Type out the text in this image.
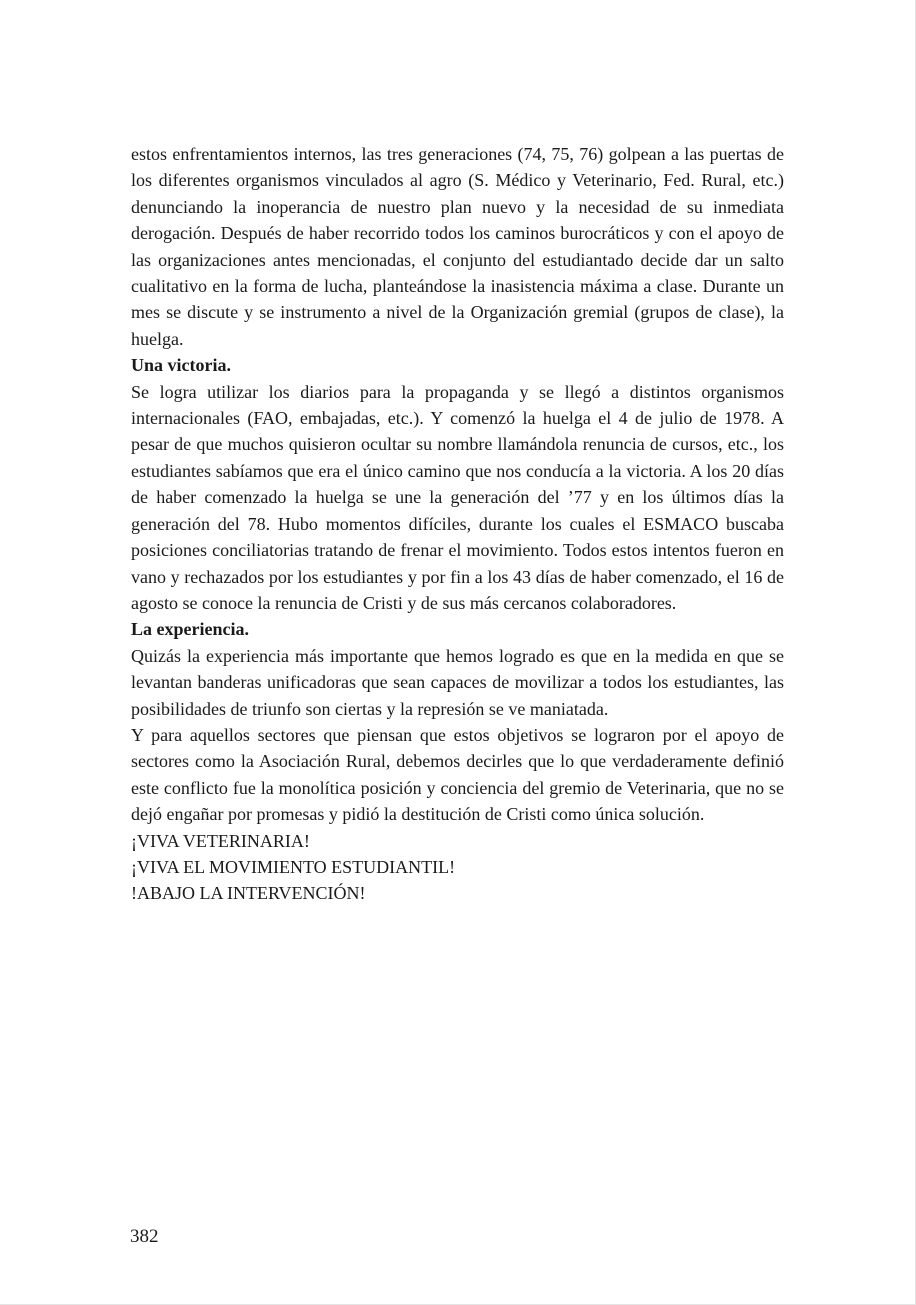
estos enfrentamientos internos, las tres generaciones (74, 75, 76) golpean a las puertas de los diferentes organismos vinculados al agro (S. Médico y Veterinario, Fed. Rural, etc.) denunciando la inoperancia de nuestro plan nuevo y la necesidad de su inmediata derogación. Después de haber recorrido todos los caminos burocráticos y con el apoyo de las organizaciones antes mencionadas, el conjunto del estudiantado decide dar un salto cualitativo en la forma de lucha, planteándose la inasistencia máxima a clase. Durante un mes se discute y se instrumento a nivel de la Organización gremial (grupos de clase), la huelga.

Una victoria.

Se logra utilizar los diarios para la propaganda y se llegó a distintos organismos internacionales (FAO, embajadas, etc.). Y comenzó la huelga el 4 de julio de 1978. A pesar de que muchos quisieron ocultar su nombre llamándola renuncia de cursos, etc., los estudiantes sabíamos que era el único camino que nos conducía a la victoria. A los 20 días de haber comenzado la huelga se une la generación del ’77 y en los últimos días la generación del 78. Hubo momentos difíciles, durante los cuales el ESMACO buscaba posiciones conciliatorias tratando de frenar el movimiento. Todos estos intentos fueron en vano y rechazados por los estudiantes y por fin a los 43 días de haber comenzado, el 16 de agosto se conoce la renuncia de Cristi y de sus más cercanos colaboradores.

La experiencia.

Quizás la experiencia más importante que hemos logrado es que en la medida en que se levantan banderas unificadoras que sean capaces de movilizar a todos los estudiantes, las posibilidades de triunfo son ciertas y la represión se ve maniatada.

Y para aquellos sectores que piensan que estos objetivos se lograron por el apoyo de sectores como la Asociación Rural, debemos decirles que lo que verdaderamente definió este conflicto fue la monolítica posición y conciencia del gremio de Veterinaria, que no se dejó engañar por promesas y pidió la destitución de Cristi como única solución.

¡VIVA VETERINARIA!

¡VIVA EL MOVIMIENTO ESTUDIANTIL!

!ABAJO LA INTERVENCIÓN!

382
